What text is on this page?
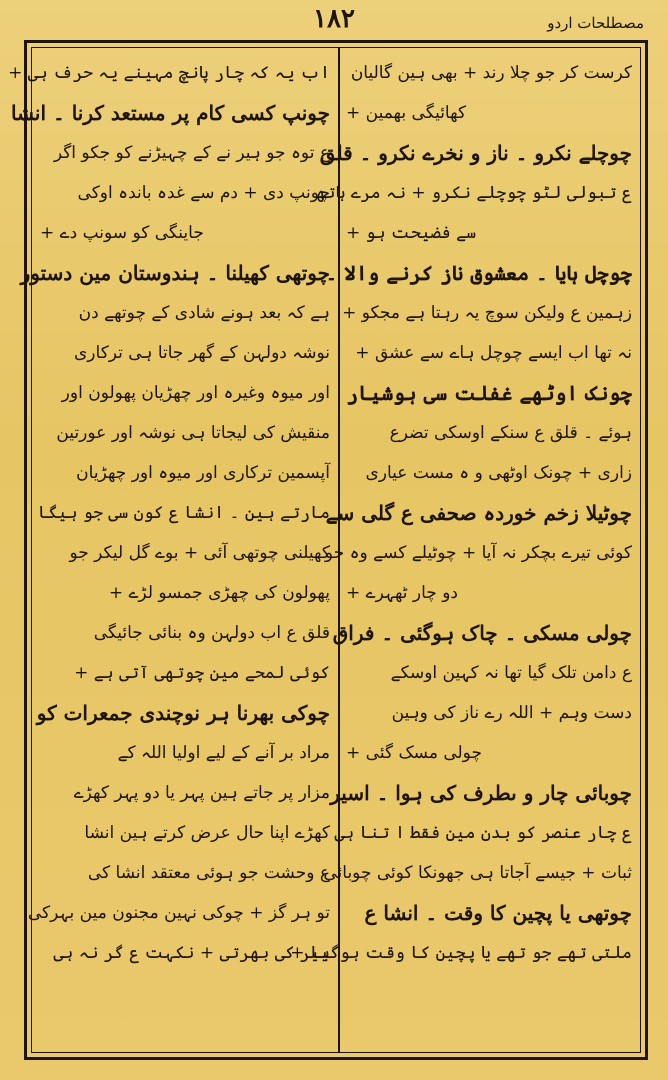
۱۸۲	مصطلحات اردو
کرست کر جو چلا رند + بھی ہین گالیان
کھائیگی بھمین +
چوچلے نکرو ۔ ناز و نخرے نکرو ۔ قلق
ع تبولی لٹو چوچلے نکرو + نہ مرے ہاتھ
سے فضیحت ہو +
چوچل ہایا ۔ معشوق ناز کرنے والا ۔
زہمین ع ولیکن سوچ یہ رہتا ہے مجکو +
نہ تھا اب ایسے چوچل ہاے سے عشق +
چونک اوٹھے غفلت سی ہوشیار
ہوئے ۔ قلق ع سنکے اوسکی تضرع
زاری + چونک اوٹھی و ہ مست عیاری
چوٹیلا زخم خوردہ صحفی ع گلی سے
کوئی تیرے بچکر نہ آیا + چوٹیلے کسے وہ جو
دو چار ٹھہرے +
چولی مسکی ۔ چاک ہوگئی ۔ فراق
ع دامن تلک گیا تھا نہ کہین اوسکے
دست وہم + اللہ رے ناز کی وہین
چولی مسک گئی +
چوبائی چار و ںطرف کی ہوا ۔ اسیر
ع چار عنصر کو بدن مین فقط ا تنا ہی
ثبات + جیسے آجاتا ہی جھونکا کوئی چوبائی
چوتھی یا پچین کا وقت ۔ انشا ع
ملتی تھے جو تھے یا پچین کا وقت ہوگیا +
اب یہ کہ چار پانچ مہینے یہ حرف ہی +
چونپ کسی کام پر مستعد کرنا ۔ انشا
ع توہ جو ہیر نے کے چہیڑنے کو جکو اگر
چونپ دی + دم سے غدہ باندہ اوکی
جاینگی کو سونپ دے +
چوتھی کھیلنا ۔ ہندوستان مین دستور
ہے کہ بعد ہونے شادی کے چوتھے دن
نوشہ دولہن کے گھر جاتا ہی ترکاری
اور میوہ وغیرہ اور چھڑیان پھولون اور
منقیش کی لیجاتا ہی نوشہ اور عورتین
آپسمین ترکاری اور میوہ اور چھڑیان
مارتے ہین ۔ انشا ع کون سی جو ہیگا
کھیلنی چوتھی آئی + بوے گل لیکر جو
پھولون کی چھڑی جمسو لڑے +
قلق ع اب دولہن وہ بنائی جائیگی
کوئی لمحے مین چوتھی آتی ہے +
چوکی بھرنا ہر نوچندی جمعرات کو
مراد بر آنے کے لیے اولیا اللہ کے
مزار پر جاتے ہین پہر یا دو پہر کھڑے
کھڑے اپنا حال عرض کرتے ہین انشا
ع وحشت جو ہوئی معتقد انشا کی
تو ہر گز + چوکی نہین مجنون مین بہرکی
بیر کی بھرتی + نکہت ع گر نہ ہی
